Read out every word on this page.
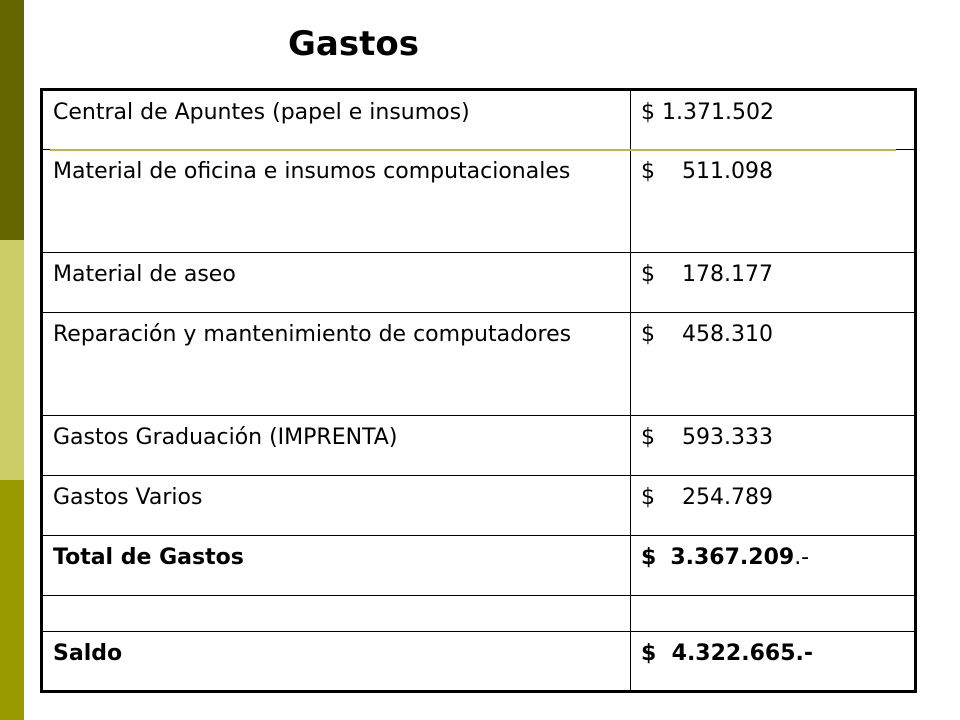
Gastos
Central de Apuntes (papel e insumos)	$ 1.371.502
Material de oficina e insumos computacionales	$ 511.098
Material de aseo	$ 178.177
Reparación y mantenimiento de computadores	$ 458.310
Gastos Graduación (IMPRENTA)	$ 593.333
Gastos Varios	$ 254.789
Total de Gastos	$ 3.367.209.-

Saldo	$ 4.322.665.-
